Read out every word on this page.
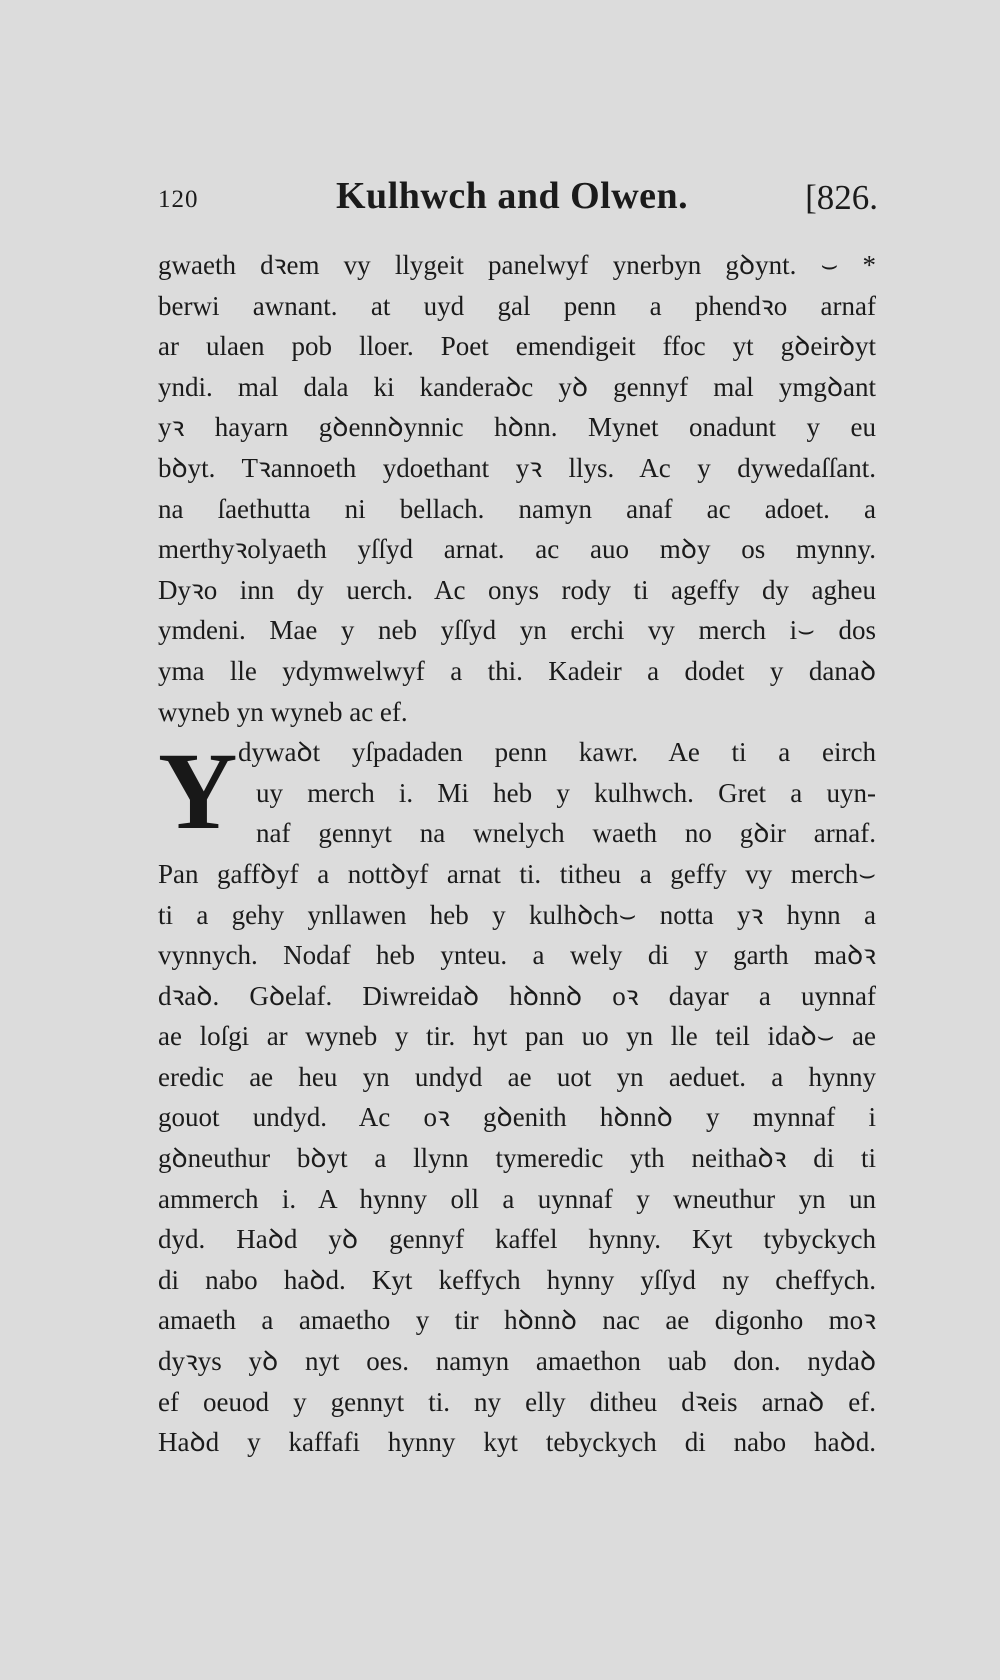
120	Kulhwch and Olwen.	[826.
gwaeth dꝛem vy llygeit panelwyf ynerbyn gꝺynt. ⌣ *
berwi awnant. at uyd gal penn a phendꝛo arnaf
ar ulaen pob lloer. Poet emendigeit ffoc yt gꝺeirꝺyt
yndi. mal dala ki kanderaꝺc yꝺ gennyf mal ymgꝺant
yꝛ hayarn gꝺennꝺynnic hꝺnn. Mynet onadunt y eu
bꝺyt. Tꝛannoeth ydoethant yꝛ llys. Ac y dywedaſſant.
na ſaethutta ni bellach. namyn anaf ac adoet. a
merthyꝛolyaeth yſſyd arnat. ac auo mꝺy os mynny.
Dyꝛo inn dy uerch. Ac onys rody ti ageffy dy agheu
ymdeni. Mae y neb yſſyd yn erchi vy merch i⌣ dos
yma lle ydymwelwyf a thi. Kadeir a dodet y danaꝺ
wyneb yn wyneb ac ef.
Y dywaꝺt yſpadaden penn kawr. Ae ti a eirch
uy merch i. Mi heb y kulhwch. Gret a uyn-
naf gennyt na wnelych waeth no gꝺir arnaf.
Pan gaffꝺyf a nottꝺyf arnat ti. titheu a geffy vy merch⌣
ti a gehy ynllawen heb y kulhꝺch⌣ notta yꝛ hynn a
vynnych. Nodaf heb ynteu. a wely di y garth maꝺꝛ
dꝛaꝺ. Gꝺelaf. Diwreidaꝺ hꝺnnꝺ oꝛ dayar a uynnaf
ae loſgi ar wyneb y tir. hyt pan uo yn lle teil idaꝺ⌣ ae
eredic ae heu yn undyd ae uot yn aeduet. a hynny
gouot undyd. Ac oꝛ gꝺenith hꝺnnꝺ y mynnaf i
gꝺneuthur bꝺyt a llynn tymeredic yth neithaꝺꝛ di ti
ammerch i. A hynny oll a uynnaf y wneuthur yn un
dyd. Haꝺd yꝺ gennyf kaffel hynny. Kyt tybyckych
di nabo haꝺd. Kyt keffych hynny yſſyd ny cheffych.
amaeth a amaetho y tir hꝺnnꝺ nac ae digonho moꝛ
dyꝛys yꝺ nyt oes. namyn amaethon uab don. nydaꝺ
ef oeuod y gennyt ti. ny elly ditheu dꝛeis arnaꝺ ef.
Haꝺd y kaffafi hynny kyt tebyckych di nabo haꝺd.
